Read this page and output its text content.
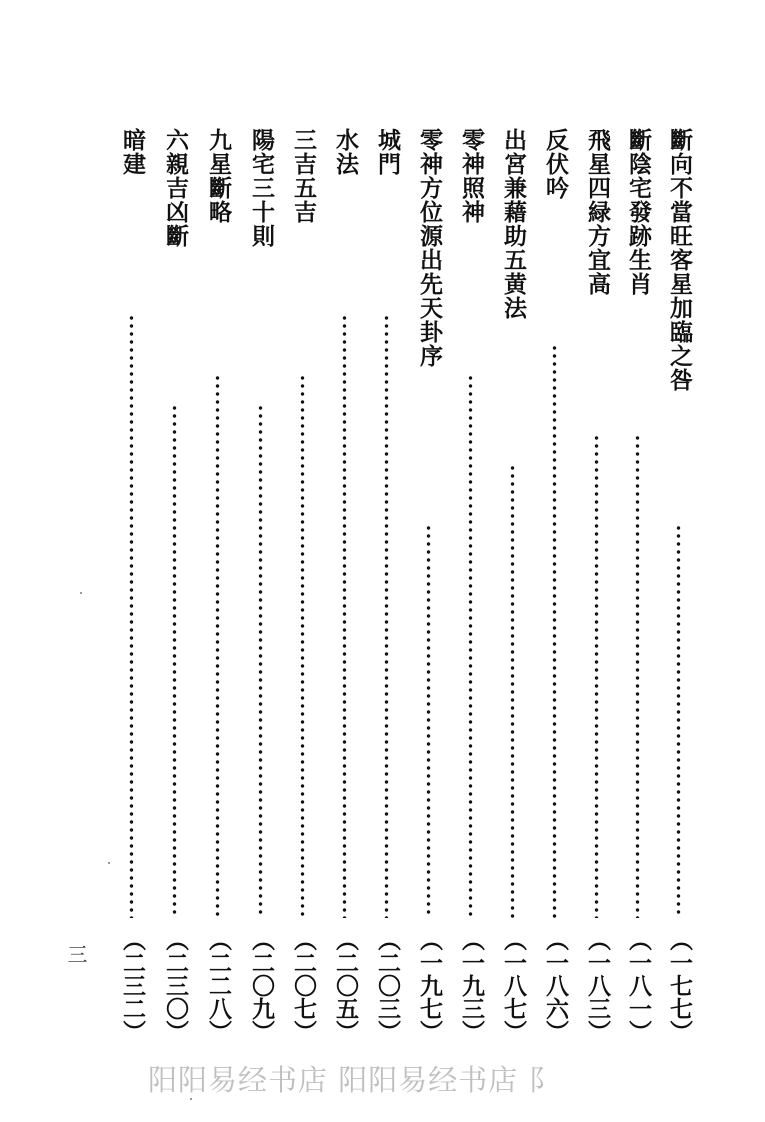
斷向不當旺客星加臨之咎
（一七七）
斷陰宅發跡生肖
（一八一）
飛星四緑方宜高
（一八三）
反伏吟
（一八六）
出宮兼藉助五黄法
（一八七）
零神照神
（一九三）
零神方位源出先天卦序
（一九七）
城門
（二〇三）
水法
（二〇五）
三吉五吉
（二〇七）
陽宅三十則
（二〇九）
九星斷略
（二二八）
六親吉凶斷
（二三〇）
暗建
（二三二）
三
阳阳易经书店 阳阳易经书店 阝
